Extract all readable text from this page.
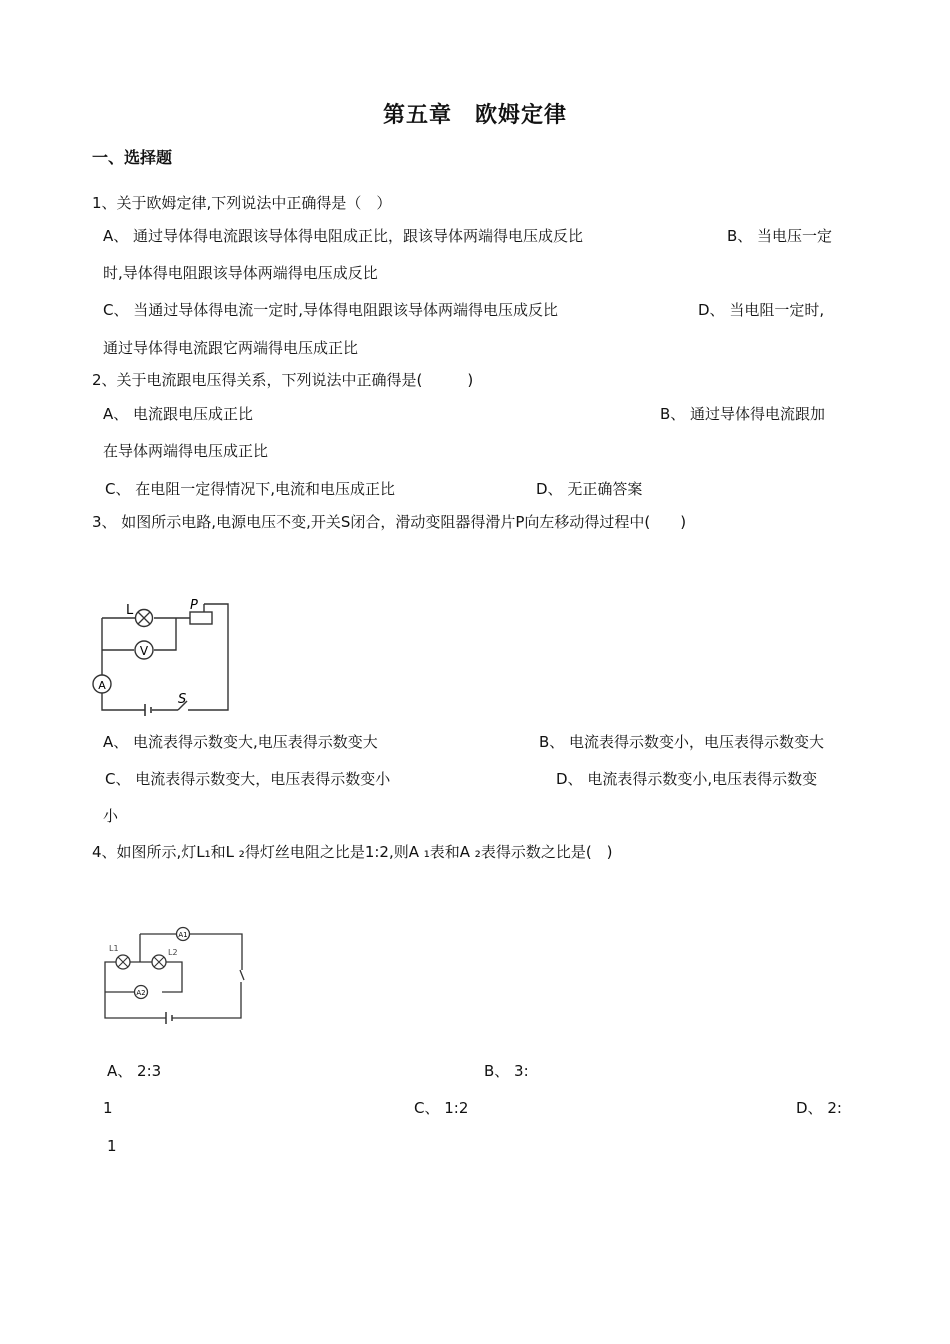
第五章　欧姆定律
一、选择题
1、关于欧姆定律,下列说法中正确得是（　）
A、 通过导体得电流跟该导体得电阻成正比，跟该导体两端得电压成反比	B、 当电压一定
时,导体得电阻跟该导体两端得电压成反比
C、 当通过导体得电流一定时,导体得电阻跟该导体两端得电压成反比	D、 当电阻一定时,
通过导体得电流跟它两端得电压成正比
2、关于电流跟电压得关系，下列说法中正确得是(　　　)
A、 电流跟电压成正比	B、 通过导体得电流跟加
在导体两端得电压成正比
C、 在电阻一定得情况下,电流和电压成正比	D、 无正确答案
3、 如图所示电路,电源电压不变,开关S闭合，滑动变阻器得滑片P向左移动得过程中(　　)
V
A
L	P
S
A、 电流表得示数变大,电压表得示数变大	B、 电流表得示数变小，电压表得示数变大
C、 电流表得示数变大，电压表得示数变小	D、 电流表得示数变小,电压表得示数变
小
4、如图所示,灯L₁和L ₂得灯丝电阻之比是1:2,则A ₁表和A ₂表得示数之比是(　)
A1
A2
L1	L2
A、 2:3	B、 3:
1	C、 1:2	D、 2:
1
